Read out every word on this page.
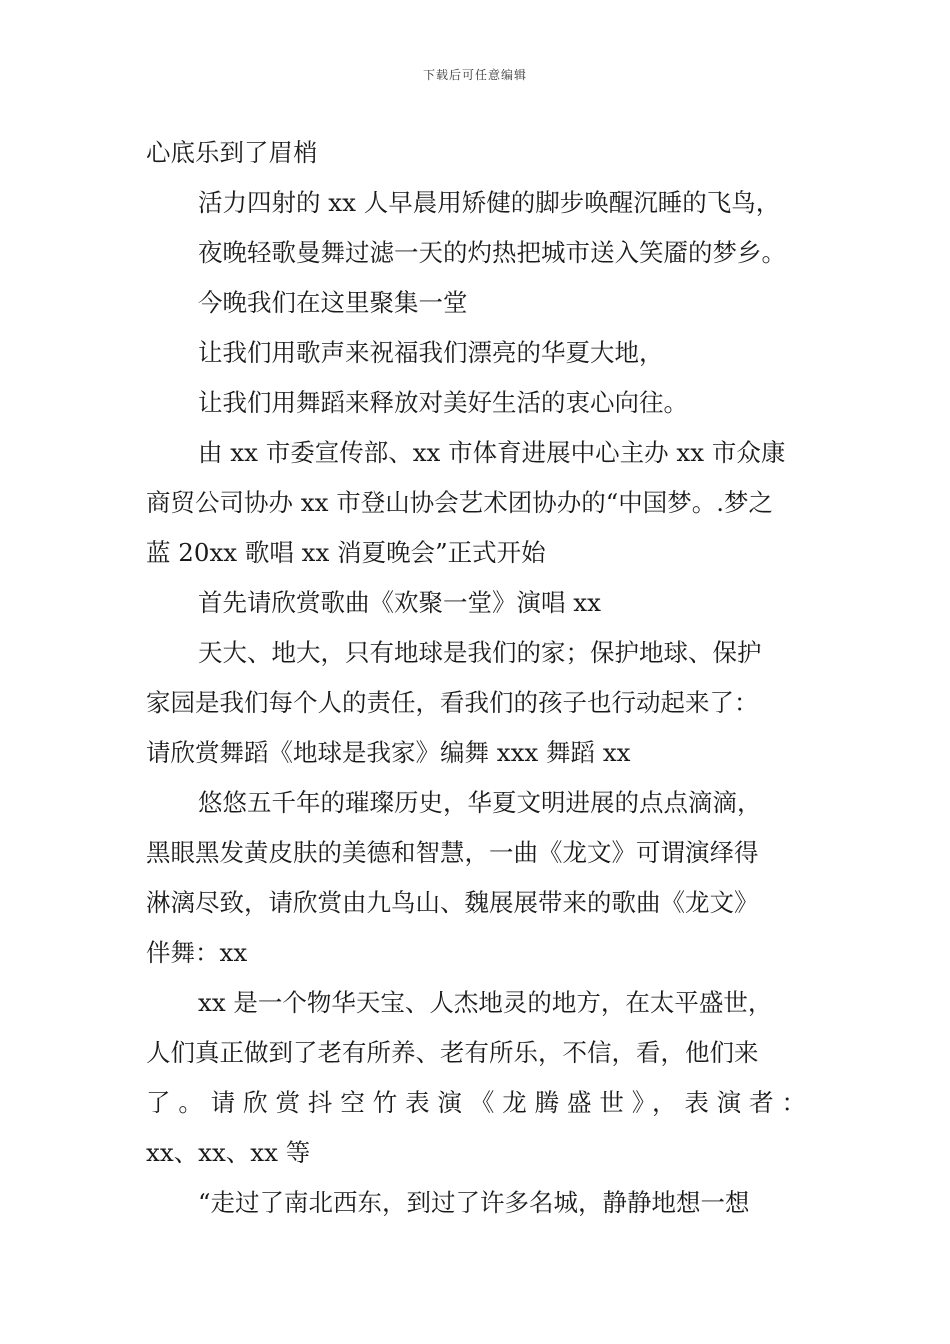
下载后可任意编辑
心底乐到了眉梢
活力四射的 xx 人早晨用矫健的脚步唤醒沉睡的飞鸟，
夜晚轻歌曼舞过滤一天的灼热把城市送入笑靥的梦乡。
今晚我们在这里聚集一堂
让我们用歌声来祝福我们漂亮的华夏大地，
让我们用舞蹈来释放对美好生活的衷心向往。
由 xx 市委宣传部、xx 市体育进展中心主办 xx 市众康
商贸公司协办 xx 市登山协会艺术团协办的“中国梦。.梦之
蓝 20xx 歌唱 xx 消夏晚会”正式开始
首先请欣赏歌曲《欢聚一堂》演唱 xx
天大、地大，只有地球是我们的家；保护地球、保护
家园是我们每个人的责任，看我们的孩子也行动起来了：
请欣赏舞蹈《地球是我家》编舞 xxx 舞蹈 xx
悠悠五千年的璀璨历史，华夏文明进展的点点滴滴，
黑眼黑发黄皮肤的美德和智慧，一曲《龙文》可谓演绎得
淋漓尽致，请欣赏由九鸟山、魏展展带来的歌曲《龙文》
伴舞：xx
xx 是一个物华天宝、人杰地灵的地方，在太平盛世，
人们真正做到了老有所养、老有所乐，不信，看，他们来
了。请欣赏抖空竹表演《龙腾盛世》，表演者：
xx、xx、xx 等
“走过了南北西东，到过了许多名城，静静地想一想
